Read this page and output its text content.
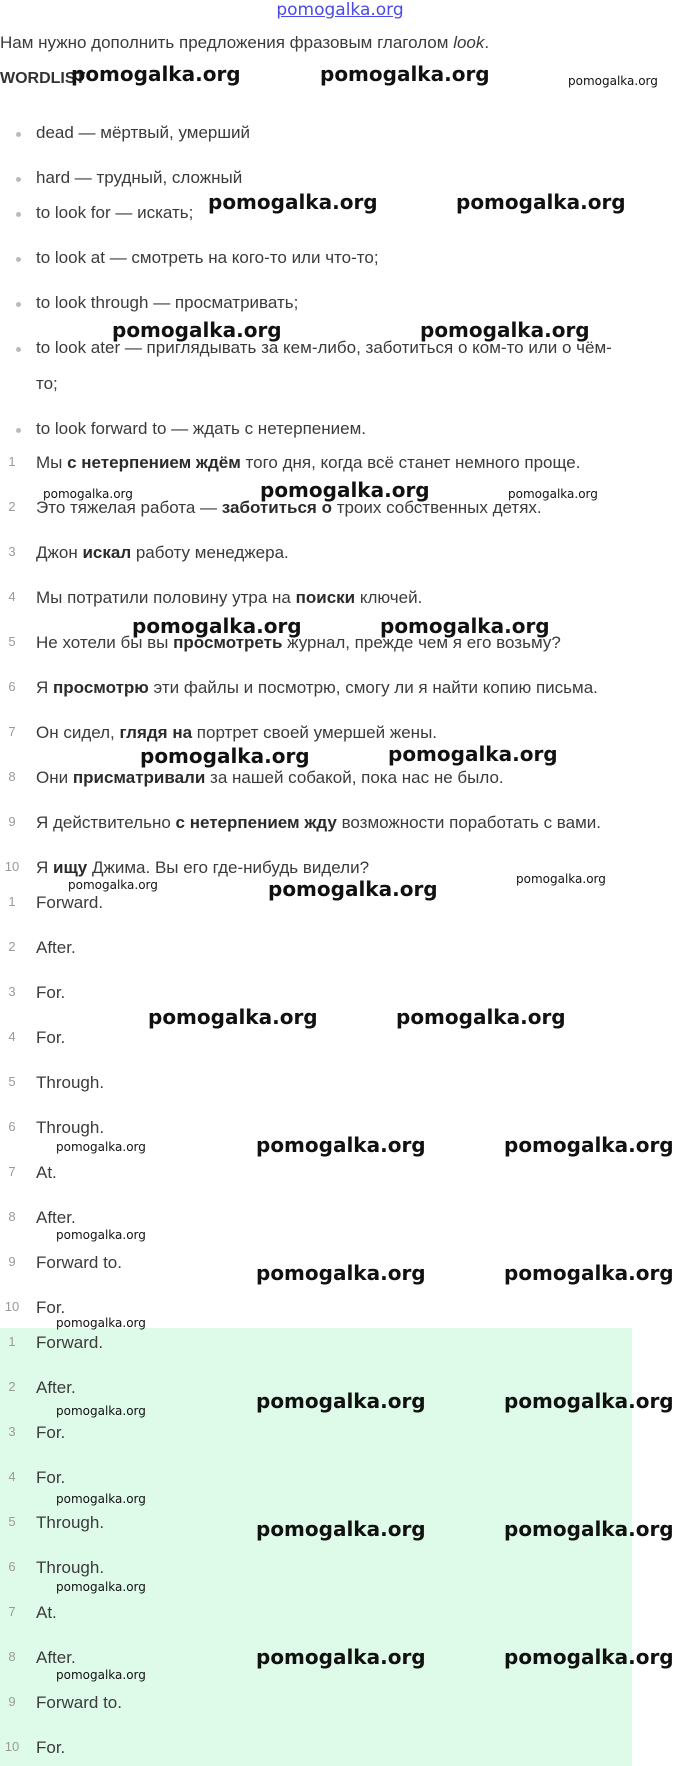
pomogalka.org
Нам нужно дополнить предложения фразовым глаголом look.
WORDLIST
dead — мёртвый, умерший
hard — трудный, сложный
to look for — искать;
to look at — смотреть на кого-то или что-то;
to look through — просматривать;
to look ater — приглядывать за кем-либо, заботиться о ком-то или о чём-
то;
to look forward to — ждать с нетерпением.
1	Мы с нетерпением ждём того дня, когда всё станет немного проще.
2	Это тяжелая работа — заботиться о троих собственных детях.
3	Джон искал работу менеджера.
4	Мы потратили половину утра на поиски ключей.
5	Не хотели бы вы просмотреть журнал, прежде чем я его возьму?
6	Я просмотрю эти файлы и посмотрю, смогу ли я найти копию письма.
7	Он сидел, глядя на портрет своей умершей жены.
8	Они присматривали за нашей собакой, пока нас не было.
9	Я действительно с нетерпением жду возможности поработать с вами.
10 Я ищу Джима. Вы его где-нибудь видели?
1	Forward.
2	After.
3	For.
4	For.
5	Through.
6	Through.
7	At.
8	After.
9	Forward to.
10 For.
1	Forward.
2	After.
3	For.
4	For.
5	Through.
6	Through.
7	At.
8	After.
9	Forward to.
10 For.
pomogalka.org	pomogalka.org	pomogalka.org
pomogalka.org	pomogalka.org
pomogalka.org	pomogalka.org
pomogalka.org	pomogalka.org	pomogalka.org
pomogalka.org	pomogalka.org
pomogalka.org	pomogalka.org
pomogalka.org	pomogalka.org	pomogalka.org
pomogalka.org	pomogalka.org
pomogalka.org	pomogalka.org	pomogalka.org
pomogalka.org
pomogalka.org	pomogalka.org
pomogalka.org
pomogalka.org	pomogalka.org	pomogalka.org
pomogalka.org
pomogalka.org	pomogalka.org
pomogalka.org
pomogalka.org	pomogalka.org
pomogalka.org
